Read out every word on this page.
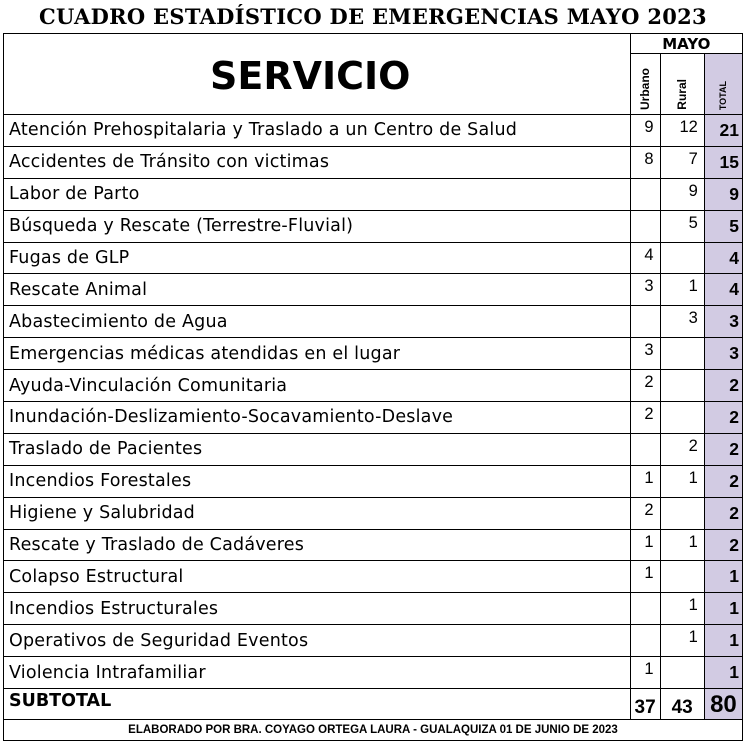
CUADRO ESTADÍSTICO DE EMERGENCIAS MAYO 2023
SERVICIO	MAYO		

	Urbano	Rural	TOTAL

Atención Prehospitalaria y Traslado a un Centro de Salud	9	12	21
Accidentes de Tránsito con victimas	8	7	15
Labor de Parto		9	9
Búsqueda y Rescate (Terrestre-Fluvial)		5	5
Fugas de GLP	4		4
Rescate Animal	3	1	4
Abastecimiento de Agua		3	3
Emergencias médicas atendidas en el lugar	3		3
Ayuda-Vinculación Comunitaria	2		2
Inundación-Deslizamiento-Socavamiento-Deslave	2		2
Traslado de Pacientes		2	2
Incendios Forestales	1	1	2
Higiene y Salubridad	2		2
Rescate y Traslado de Cadáveres	1	1	2
Colapso Estructural	1		1
Incendios Estructurales		1	1
Operativos de Seguridad Eventos		1	1
Violencia Intrafamiliar	1		1
SUBTOTAL	37	43	80
ELABORADO POR BRA. COYAGO ORTEGA LAURA - GUALAQUIZA 01 DE JUNIO DE 2023			
